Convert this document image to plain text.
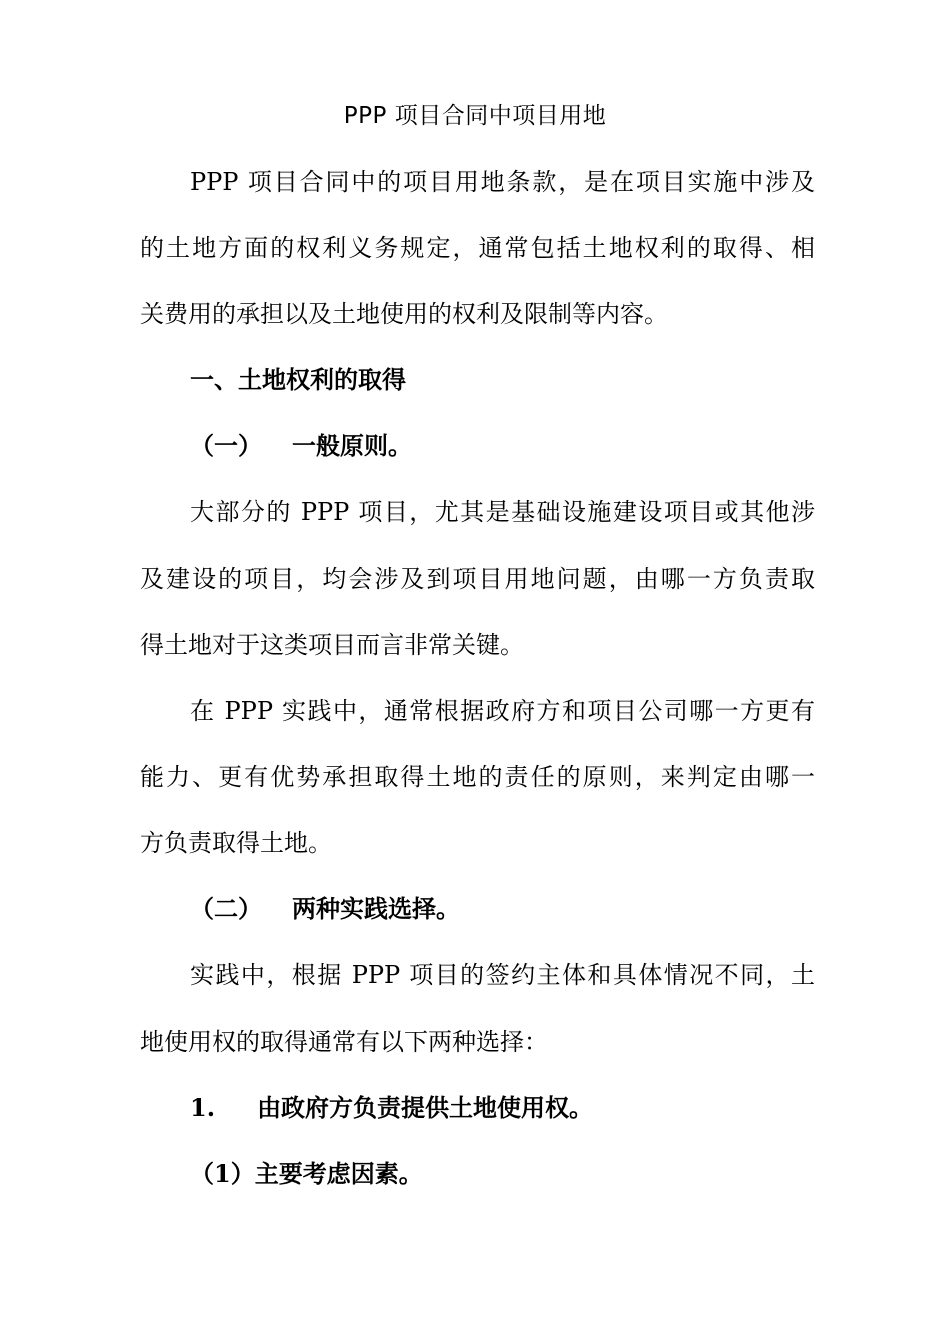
PPP 项目合同中项目用地
PPP 项目合同中的项目用地条款，是在项目实施中涉及
的土地方面的权利义务规定，通常包括土地权利的取得、相
关费用的承担以及土地使用的权利及限制等内容。
一、土地权利的取得
（一） 一般原则。
大部分的 PPP 项目，尤其是基础设施建设项目或其他涉
及建设的项目，均会涉及到项目用地问题，由哪一方负责取
得土地对于这类项目而言非常关键。
在 PPP 实践中，通常根据政府方和项目公司哪一方更有
能力、更有优势承担取得土地的责任的原则，来判定由哪一
方负责取得土地。
（二） 两种实践选择。
实践中，根据 PPP 项目的签约主体和具体情况不同，土
地使用权的取得通常有以下两种选择：
1. 由政府方负责提供土地使用权。
（1）主要考虑因素。
